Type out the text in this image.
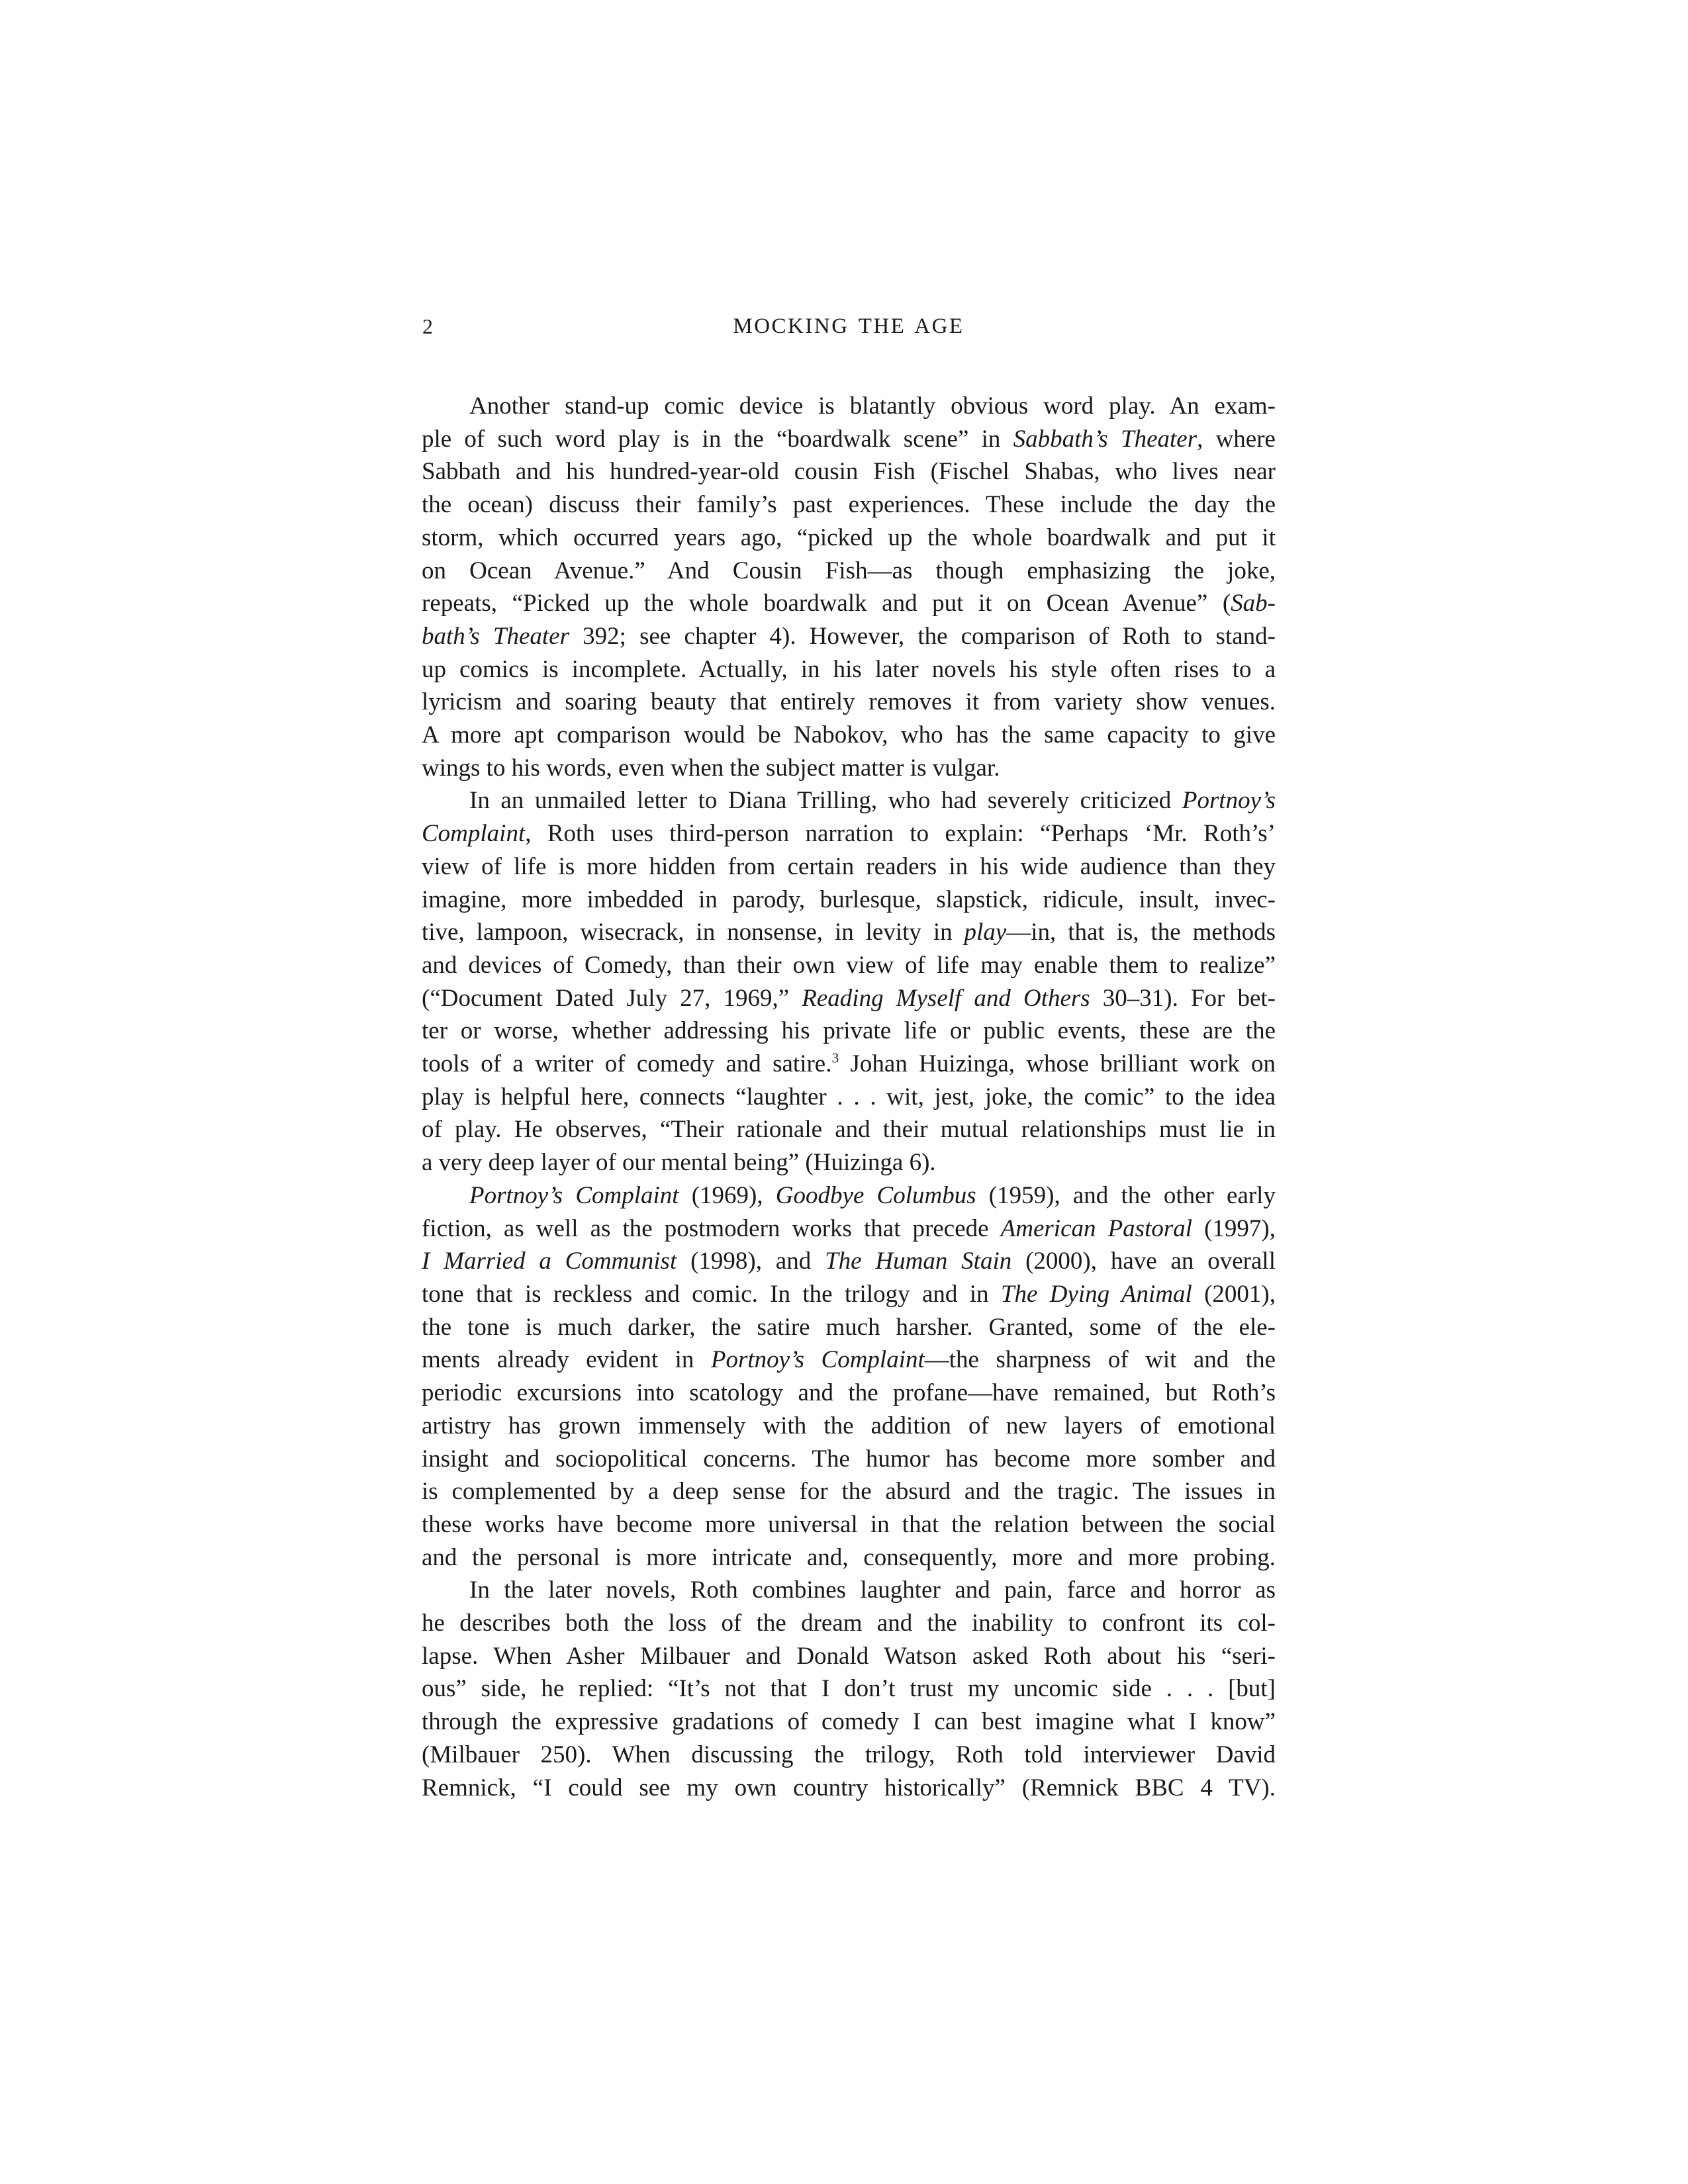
2	MOCKING THE AGE
Another stand-up comic device is blatantly obvious word play. An exam-
ple of such word play is in the “boardwalk scene” in Sabbath’s Theater, where
Sabbath and his hundred-year-old cousin Fish (Fischel Shabas, who lives near
the ocean) discuss their family’s past experiences. These include the day the
storm, which occurred years ago, “picked up the whole boardwalk and put it
on Ocean Avenue.” And Cousin Fish—as though emphasizing the joke,
repeats, “Picked up the whole boardwalk and put it on Ocean Avenue” (Sab-
bath’s Theater 392; see chapter 4). However, the comparison of Roth to stand-
up comics is incomplete. Actually, in his later novels his style often rises to a
lyricism and soaring beauty that entirely removes it from variety show venues.
A more apt comparison would be Nabokov, who has the same capacity to give
wings to his words, even when the subject matter is vulgar.
In an unmailed letter to Diana Trilling, who had severely criticized Portnoy’s
Complaint, Roth uses third-person narration to explain: “Perhaps ‘Mr. Roth’s’
view of life is more hidden from certain readers in his wide audience than they
imagine, more imbedded in parody, burlesque, slapstick, ridicule, insult, invec-
tive, lampoon, wisecrack, in nonsense, in levity in play—in, that is, the methods
and devices of Comedy, than their own view of life may enable them to realize”
(“Document Dated July 27, 1969,” Reading Myself and Others 30–31). For bet-
ter or worse, whether addressing his private life or public events, these are the
tools of a writer of comedy and satire.$^3$ Johan Huizinga, whose brilliant work on
play is helpful here, connects “laughter . . . wit, jest, joke, the comic” to the idea
of play. He observes, “Their rationale and their mutual relationships must lie in
a very deep layer of our mental being” (Huizinga 6).
Portnoy’s Complaint (1969), Goodbye Columbus (1959), and the other early
fiction, as well as the postmodern works that precede American Pastoral (1997),
I Married a Communist (1998), and The Human Stain (2000), have an overall
tone that is reckless and comic. In the trilogy and in The Dying Animal (2001),
the tone is much darker, the satire much harsher. Granted, some of the ele-
ments already evident in Portnoy’s Complaint—the sharpness of wit and the
periodic excursions into scatology and the profane—have remained, but Roth’s
artistry has grown immensely with the addition of new layers of emotional
insight and sociopolitical concerns. The humor has become more somber and
is complemented by a deep sense for the absurd and the tragic. The issues in
these works have become more universal in that the relation between the social
and the personal is more intricate and, consequently, more and more probing.
In the later novels, Roth combines laughter and pain, farce and horror as
he describes both the loss of the dream and the inability to confront its col-
lapse. When Asher Milbauer and Donald Watson asked Roth about his “seri-
ous” side, he replied: “It’s not that I don’t trust my uncomic side . . . [but]
through the expressive gradations of comedy I can best imagine what I know”
(Milbauer 250). When discussing the trilogy, Roth told interviewer David
Remnick, “I could see my own country historically” (Remnick BBC 4 TV).
